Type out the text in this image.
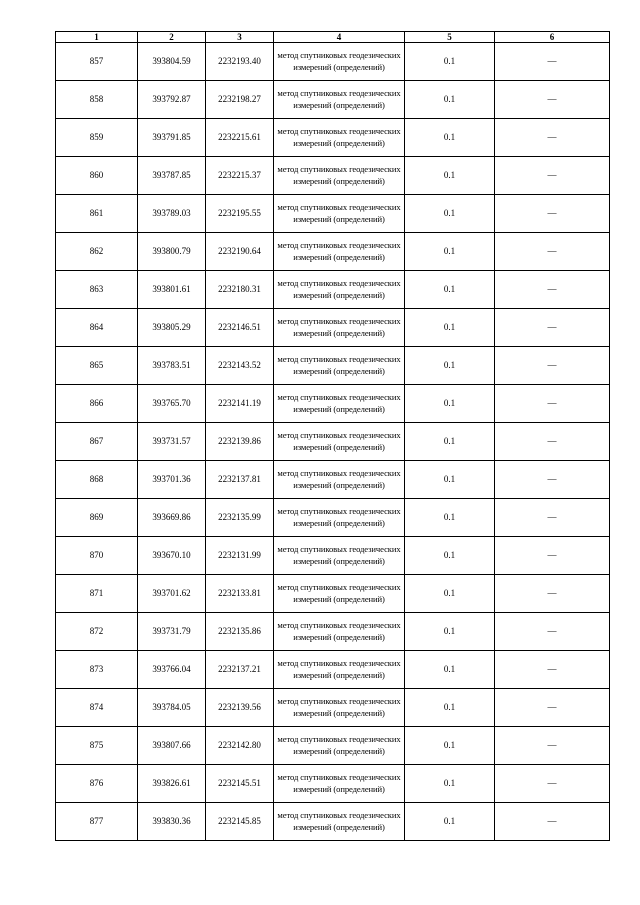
1	2	3	4	5	6
857	393804.59	2232193.40	метод спутниковых геодезических измерений (определений)	0.1	—
858	393792.87	2232198.27	метод спутниковых геодезических измерений (определений)	0.1	—
859	393791.85	2232215.61	метод спутниковых геодезических измерений (определений)	0.1	—
860	393787.85	2232215.37	метод спутниковых геодезических измерений (определений)	0.1	—
861	393789.03	2232195.55	метод спутниковых геодезических измерений (определений)	0.1	—
862	393800.79	2232190.64	метод спутниковых геодезических измерений (определений)	0.1	—
863	393801.61	2232180.31	метод спутниковых геодезических измерений (определений)	0.1	—
864	393805.29	2232146.51	метод спутниковых геодезических измерений (определений)	0.1	—
865	393783.51	2232143.52	метод спутниковых геодезических измерений (определений)	0.1	—
866	393765.70	2232141.19	метод спутниковых геодезических измерений (определений)	0.1	—
867	393731.57	2232139.86	метод спутниковых геодезических измерений (определений)	0.1	—
868	393701.36	2232137.81	метод спутниковых геодезических измерений (определений)	0.1	—
869	393669.86	2232135.99	метод спутниковых геодезических измерений (определений)	0.1	—
870	393670.10	2232131.99	метод спутниковых геодезических измерений (определений)	0.1	—
871	393701.62	2232133.81	метод спутниковых геодезических измерений (определений)	0.1	—
872	393731.79	2232135.86	метод спутниковых геодезических измерений (определений)	0.1	—
873	393766.04	2232137.21	метод спутниковых геодезических измерений (определений)	0.1	—
874	393784.05	2232139.56	метод спутниковых геодезических измерений (определений)	0.1	—
875	393807.66	2232142.80	метод спутниковых геодезических измерений (определений)	0.1	—
876	393826.61	2232145.51	метод спутниковых геодезических измерений (определений)	0.1	—
877	393830.36	2232145.85	метод спутниковых геодезических измерений (определений)	0.1	—
